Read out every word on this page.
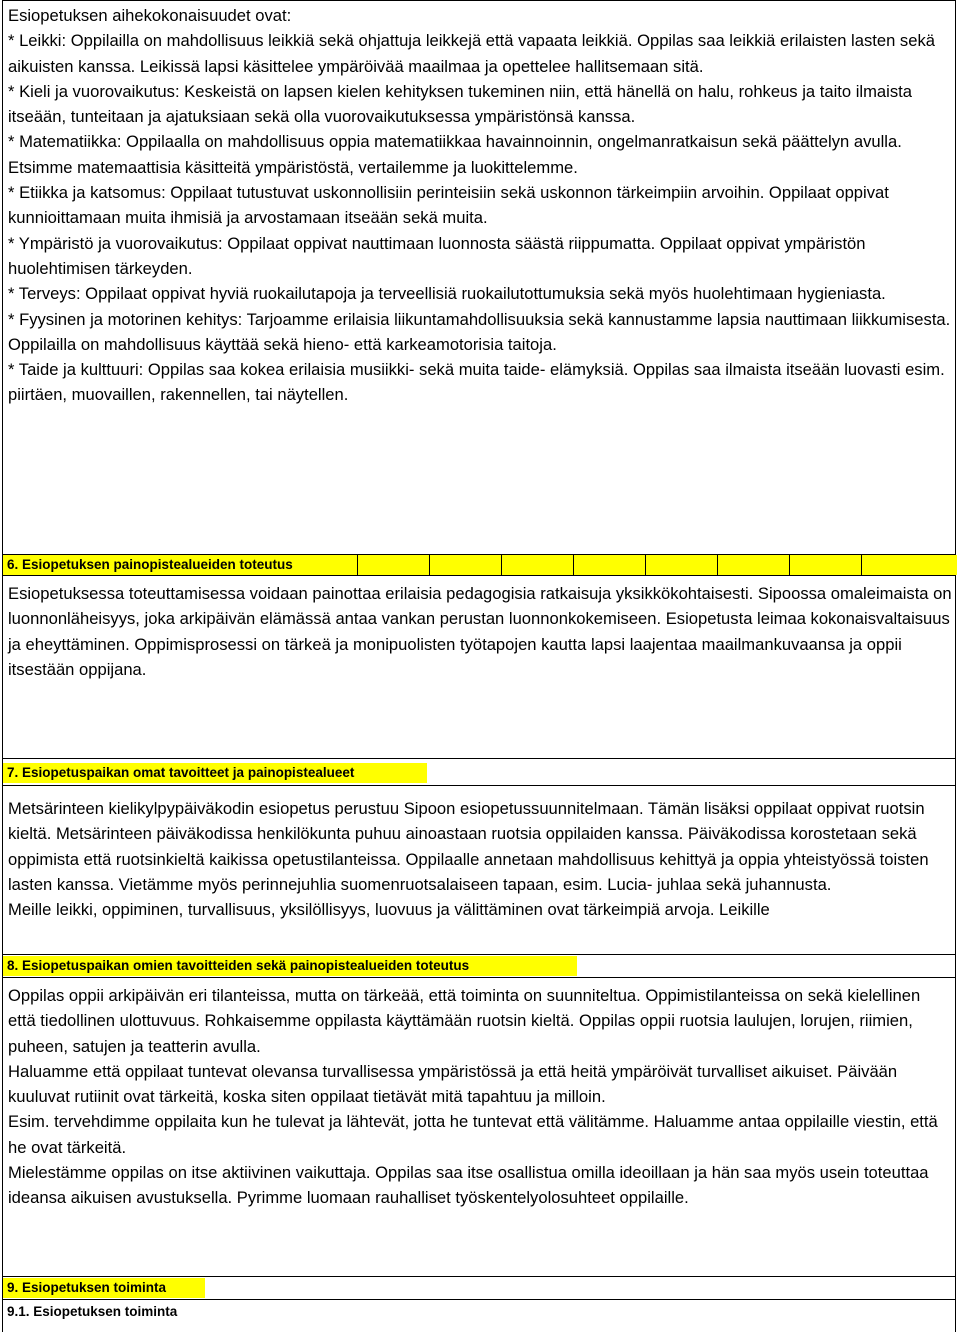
Esiopetuksen aihekokonaisuudet ovat:

* Leikki: Oppilailla on mahdollisuus leikkiä sekä ohjattuja leikkejä että vapaata leikkiä. Oppilas saa leikkiä erilaisten lasten sekä aikuisten kanssa. Leikissä lapsi käsittelee ympäröivää maailmaa ja opettelee hallitsemaan sitä.

* Kieli ja vuorovaikutus: Keskeistä on lapsen kielen kehityksen tukeminen niin, että hänellä on halu, rohkeus ja taito ilmaista itseään, tunteitaan ja ajatuksiaan sekä olla vuorovaikutuksessa ympäristönsä kanssa.

* Matematiikka: Oppilaalla on mahdollisuus oppia matematiikkaa havainnoinnin, ongelmanratkaisun sekä päättelyn avulla. Etsimme matemaattisia käsitteitä ympäristöstä, vertailemme ja luokittelemme.

* Etiikka ja katsomus: Oppilaat tutustuvat uskonnollisiin perinteisiin sekä uskonnon tärkeimpiin arvoihin. Oppilaat oppivat kunnioittamaan muita ihmisiä ja arvostamaan itseään sekä muita.

* Ympäristö ja vuorovaikutus: Oppilaat oppivat nauttimaan luonnosta säästä riippumatta. Oppilaat oppivat ympäristön huolehtimisen tärkeyden.

* Terveys: Oppilaat oppivat hyviä ruokailutapoja ja terveellisiä ruokailutottumuksia sekä myös huolehtimaan hygieniasta.

* Fyysinen ja motorinen kehitys: Tarjoamme erilaisia liikuntamahdollisuuksia sekä kannustamme lapsia nauttimaan liikkumisesta. Oppilailla on mahdollisuus käyttää sekä hieno- että karkeamotorisia taitoja.

* Taide ja kulttuuri: Oppilas saa kokea erilaisia musiikki- sekä muita taide- elämyksiä. Oppilas saa ilmaista itseään luovasti esim. piirtäen, muovaillen, rakennellen, tai näytellen.

6. Esiopetuksen painopistealueiden toteutus

Esiopetuksessa toteuttamisessa voidaan painottaa erilaisia pedagogisia ratkaisuja yksikkökohtaisesti. Sipoossa omaleimaista on luonnonläheisyys, joka arkipäivän elämässä antaa vankan perustan luonnonkokemiseen. Esiopetusta leimaa kokonaisvaltaisuus ja eheyttäminen. Oppimisprosessi on tärkeä ja monipuolisten työtapojen kautta lapsi laajentaa maailmankuvaansa ja oppii itsestään oppijana.

7. Esiopetuspaikan omat tavoitteet ja painopistealueet

Metsärinteen kielikylpypäiväkodin esiopetus perustuu Sipoon esiopetussuunnitelmaan. Tämän lisäksi oppilaat oppivat ruotsin kieltä. Metsärinteen päiväkodissa henkilökunta puhuu ainoastaan ruotsia oppilaiden kanssa. Päiväkodissa korostetaan sekä oppimista että ruotsinkieltä kaikissa opetustilanteissa. Oppilaalle annetaan mahdollisuus kehittyä ja oppia yhteistyössä toisten lasten kanssa. Vietämme myös perinnejuhlia suomenruotsalaiseen tapaan, esim. Lucia- juhlaa sekä juhannusta.

Meille leikki, oppiminen, turvallisuus, yksilöllisyys, luovuus ja välittäminen ovat tärkeimpiä arvoja. Leikille

8. Esiopetuspaikan omien tavoitteiden sekä painopistealueiden toteutus

Oppilas oppii arkipäivän eri tilanteissa, mutta on tärkeää, että toiminta on suunniteltua. Oppimistilanteissa on sekä kielellinen että tiedollinen ulottuvuus. Rohkaisemme oppilasta käyttämään ruotsin kieltä. Oppilas oppii ruotsia laulujen, lorujen, riimien, puheen, satujen ja teatterin avulla.

Haluamme että oppilaat tuntevat olevansa turvallisessa ympäristössä ja että heitä ympäröivät turvalliset aikuiset. Päivään kuuluvat rutiinit ovat tärkeitä, koska siten oppilaat tietävät mitä tapahtuu ja milloin.

Esim. tervehdimme oppilaita kun he tulevat ja lähtevät, jotta he tuntevat että välitämme. Haluamme antaa oppilaille viestin, että he ovat tärkeitä.

Mielestämme oppilas on itse aktiivinen vaikuttaja. Oppilas saa itse osallistua omilla ideoillaan ja hän saa myös usein toteuttaa ideansa aikuisen avustuksella. Pyrimme luomaan rauhalliset työskentelyolosuhteet oppilaille.

9. Esiopetuksen toiminta
9.1. Esiopetuksen toiminta
